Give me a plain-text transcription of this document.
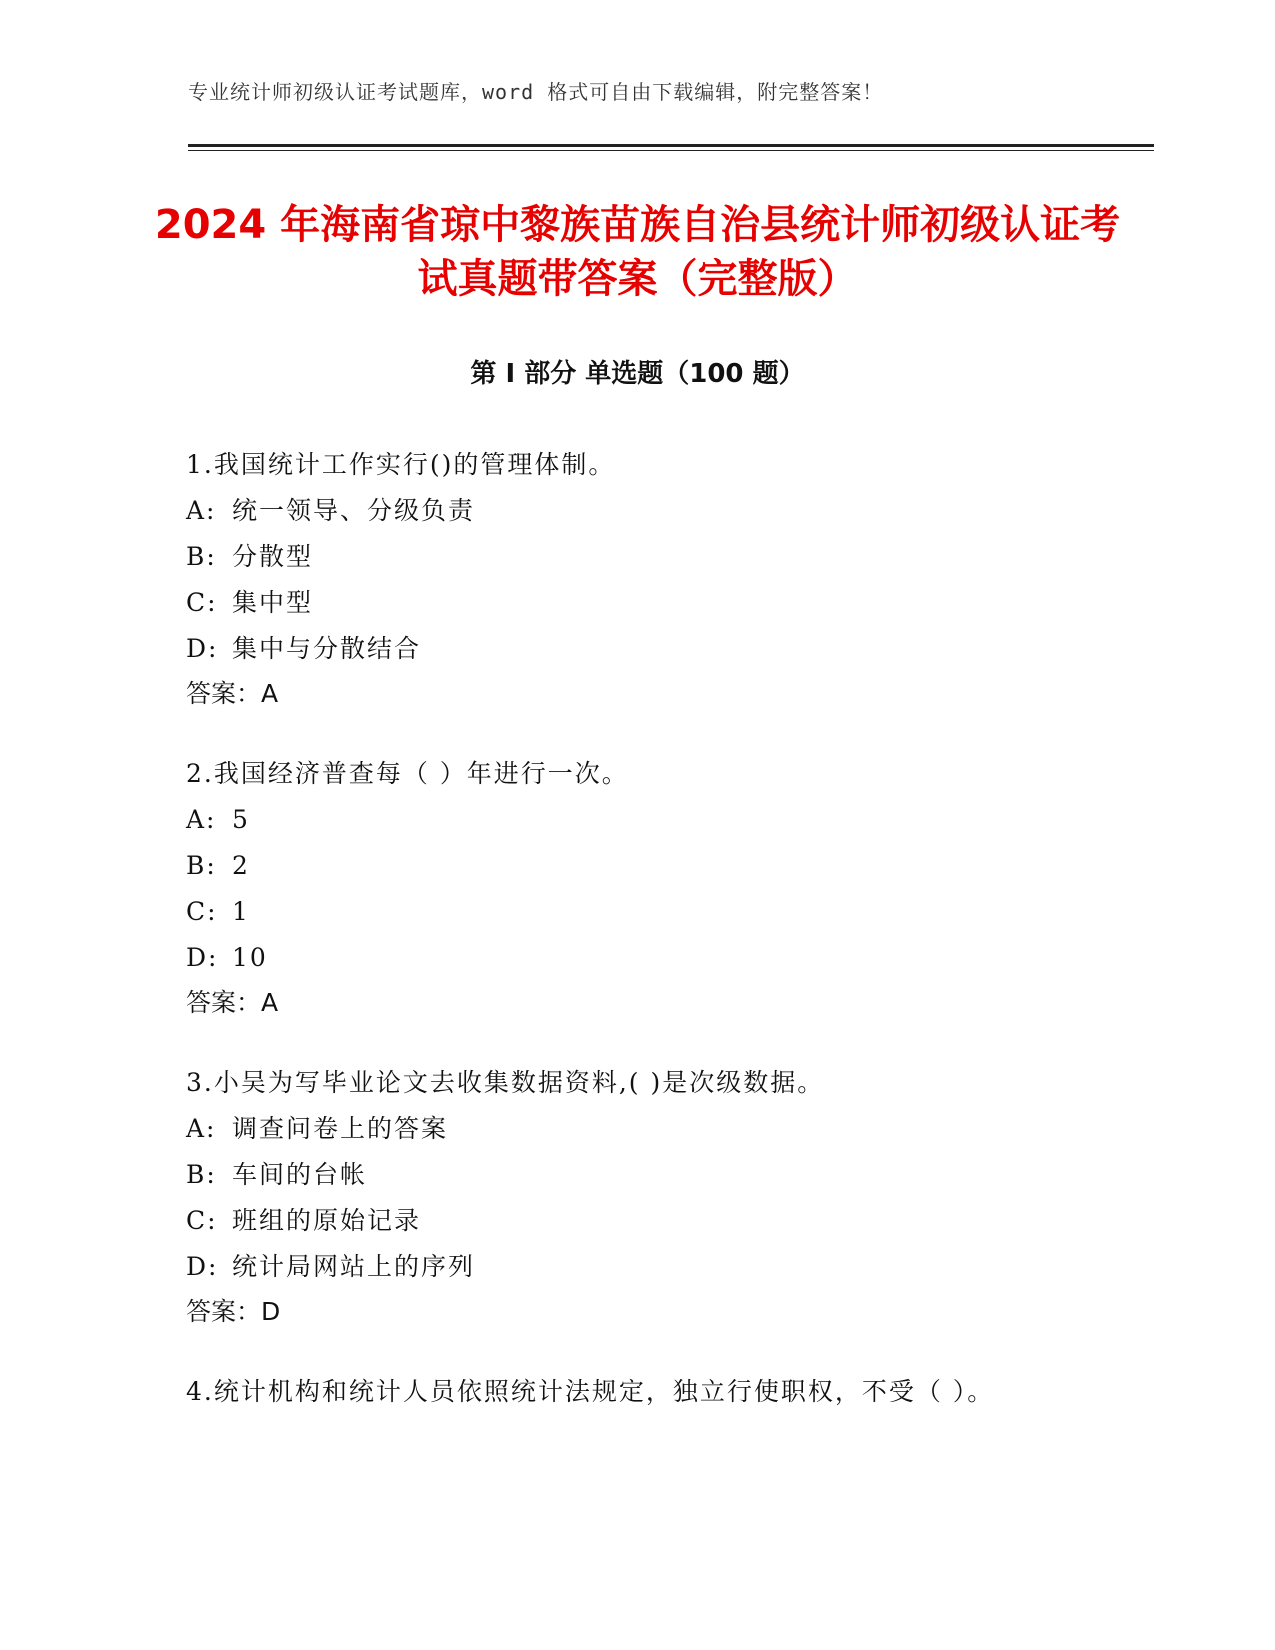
专业统计师初级认证考试题库，word 格式可自由下载编辑，附完整答案！
2024 年海南省琼中黎族苗族自治县统计师初级认证考试真题带答案（完整版）
第 I 部分 单选题（100 题）
1.我国统计工作实行()的管理体制。
A: 统一领导、分级负责
B: 分散型
C: 集中型
D: 集中与分散结合
答案：A
2.我国经济普查每（ ）年进行一次。
A: 5
B: 2
C: 1
D: 10
答案：A
3.小吴为写毕业论文去收集数据资料,( )是次级数据。
A: 调查问卷上的答案
B: 车间的台帐
C: 班组的原始记录
D: 统计局网站上的序列
答案：D
4.统计机构和统计人员依照统计法规定，独立行使职权，不受（ ）。
